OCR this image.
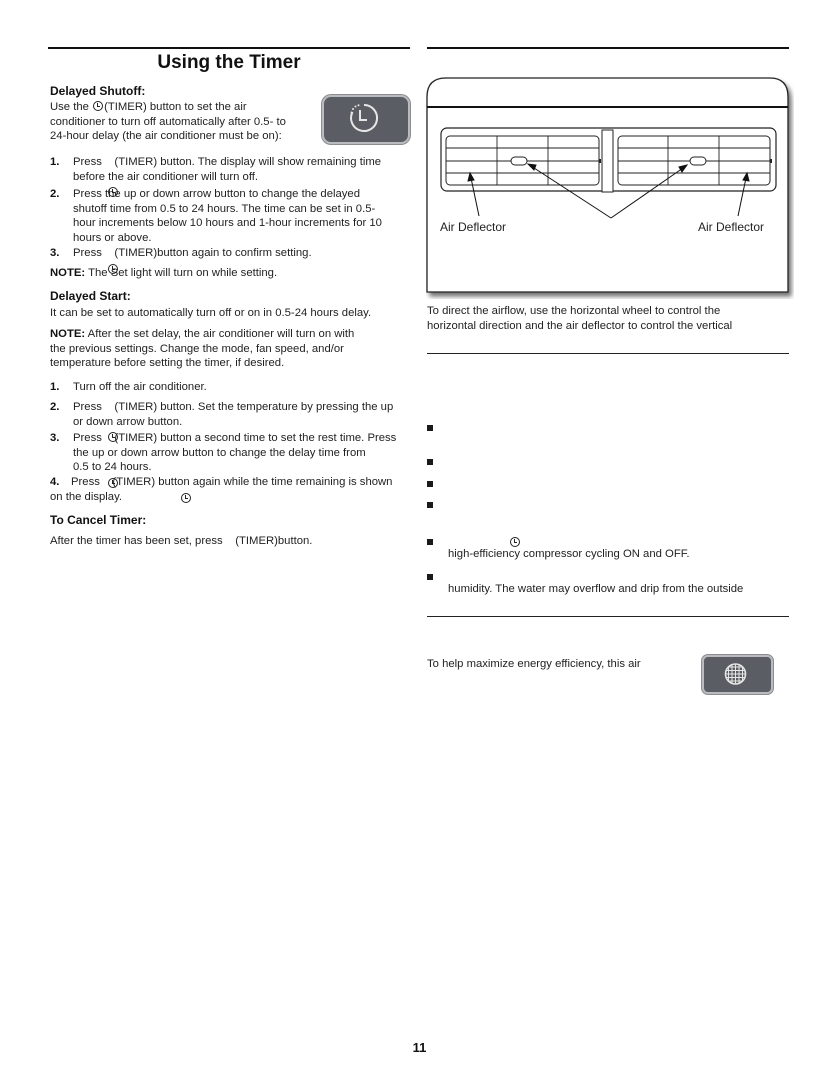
Using the Timer
Delayed Shutoff:
Use the (TIMER) button to set the air
conditioner to turn off automatically after 0.5- to
24-hour delay (the air conditioner must be on):
1.	Press    (TIMER) button. The display will show remaining time
before the air conditioner will turn off.
2.	Press the up or down arrow button to change the delayed
shutoff time from 0.5 to 24 hours. The time can be set in 0.5-
hour increments below 10 hours and 1-hour increments for 10
hours or above.
3.	Press    (TIMER)button again to confirm setting.
NOTE: The Set light will turn on while setting.
Delayed Start:
It can be set to automatically turn off or on in 0.5-24 hours delay.
NOTE: After the set delay, the air conditioner will turn on with
the previous settings. Change the mode, fan speed, and/or
temperature before setting the timer, if desired.
1.	Turn off the air conditioner.
2.	Press    (TIMER) button. Set the temperature by pressing the up
or down arrow button.
3.	Press    (TIMER) button a second time to set the rest time. Press
the up or down arrow button to change the delay time from
0.5 to 24 hours.
4.	Press    (TIMER) button again while the time remaining is shown
on the display.
To Cancel Timer:
After the timer has been set, press    (TIMER)button.
Air Deflector	Air Deflector
To direct the airflow, use the horizontal wheel to control the
horizontal direction and the air deflector to control the vertical
high-efficiency compressor cycling ON and OFF.
humidity. The water may overflow and drip from the outside
To help maximize energy efficiency, this air
11
